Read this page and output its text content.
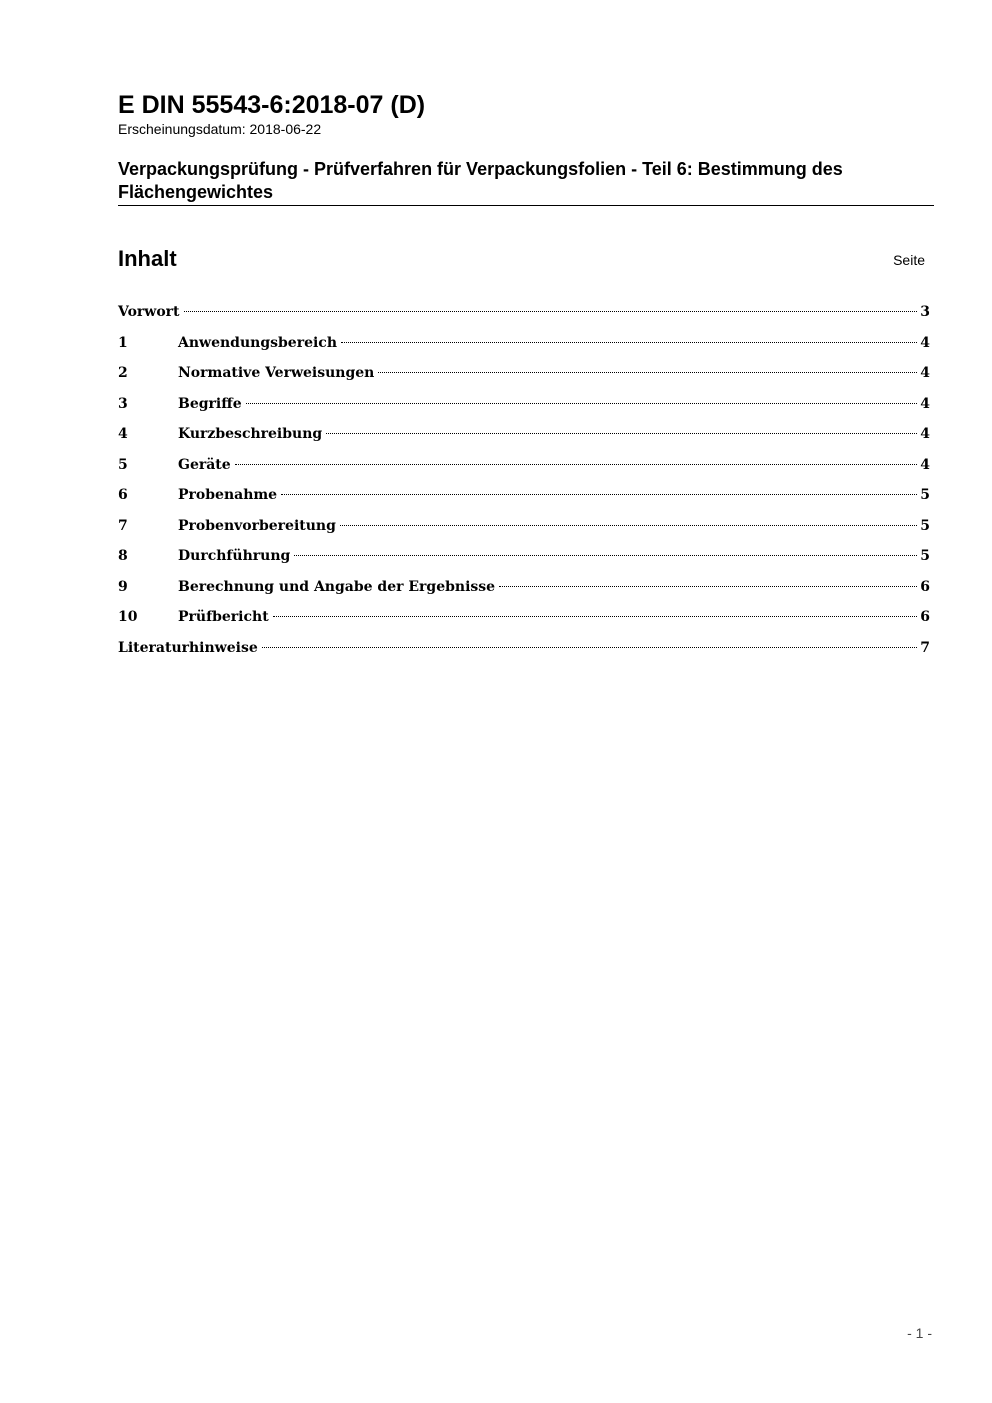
E DIN 55543-6:2018-07 (D)
Erscheinungsdatum: 2018-06-22
Verpackungsprüfung - Prüfverfahren für Verpackungsfolien - Teil 6: Bestimmung des Flächengewichtes
Inhalt	Seite
Vorwort	3
1	Anwendungsbereich	4
2	Normative Verweisungen	4
3	Begriffe	4
4	Kurzbeschreibung	4
5	Geräte	4
6	Probenahme	5
7	Probenvorbereitung	5
8	Durchführung	5
9	Berechnung und Angabe der Ergebnisse	6
10	Prüfbericht	6
Literaturhinweise	7
- 1 -
